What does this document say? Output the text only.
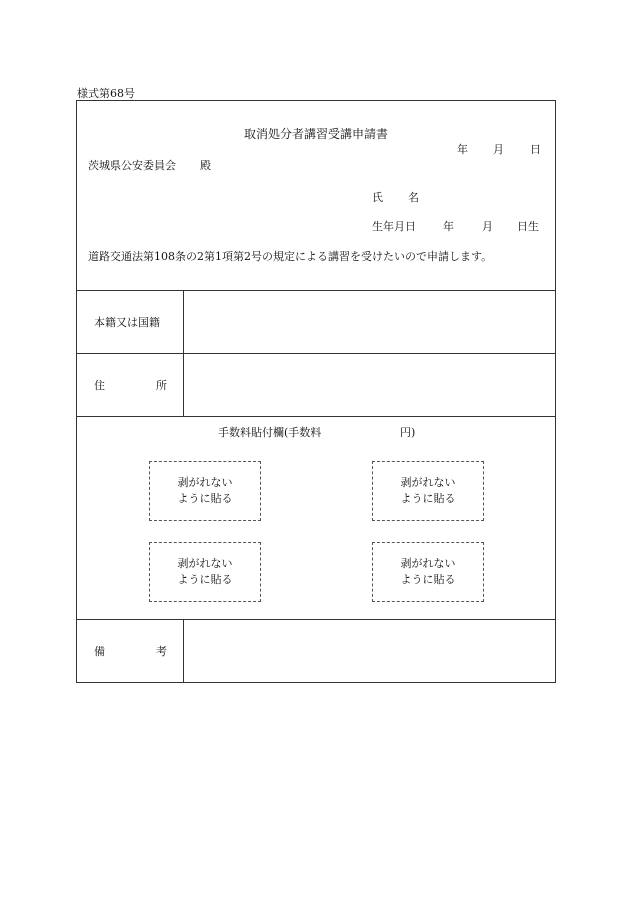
様式第68号
取消処分者講習受講申請書
年 月 日
茨城県公安委員会 殿
氏 名
生年月日 年	月 日生
道路交通法第108条の2第1項第2号の規定による講習を受けたいので申請します。
本籍又は国籍
住	所
手数料貼付欄(手数料	円)
剥がれない
ように貼る
剥がれない
ように貼る
剥がれない
ように貼る
剥がれない
ように貼る
備	考
